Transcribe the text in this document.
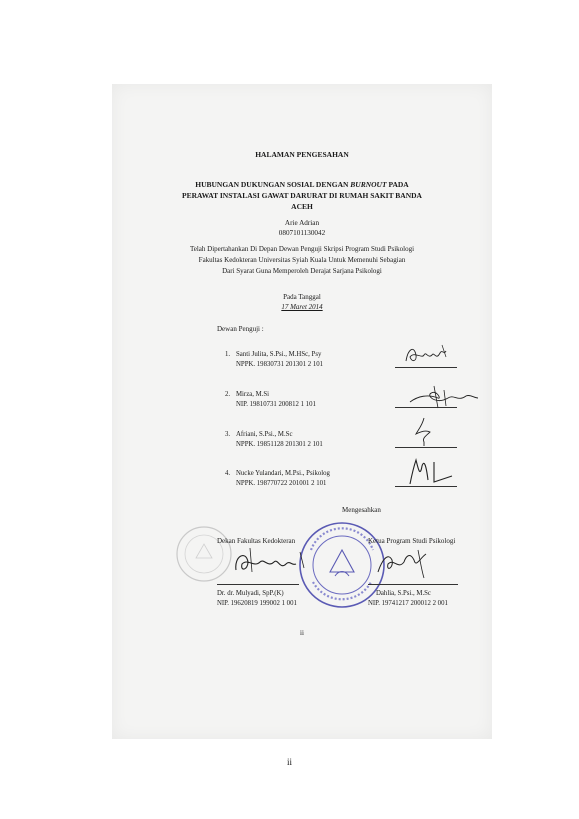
HALAMAN PENGESAHAN
HUBUNGAN DUKUNGAN SOSIAL DENGAN BURNOUT PADA
PERAWAT INSTALASI GAWAT DARURAT DI RUMAH SAKIT BANDA
ACEH
Arie Adrian
0807101130042
Telah Dipertahankan Di Depan Dewan Penguji Skripsi Program Studi Psikologi
Fakultas Kedokteran Universitas Syiah Kuala Untuk Memenuhi Sebagian
Dari Syarat Guna Memperoleh Derajat Sarjana Psikologi
Pada Tanggal
17 Maret 2014
Dewan Penguji :
1. Santi Julita, S.Psi., M.HSc, Psy
NPPK. 19830731 201301 2 101
2. Mirza, M.Si
NIP. 19810731 200812 1 101
3. Afriani, S.Psi., M.Sc
NPPK. 19851128 201301 2 101
4. Nucke Yulandari, M.Psi., Psikolog
NPPK. 198770722 201001 2 101
Mengesahkan
Dekan Fakultas Kedokteran
Dr. dr. Mulyadi, SpP.(K)
NIP. 19620819 199002 1 001
Ketua Program Studi Psikologi
Dahlia, S.Psi., M.Sc
NIP. 19741217 200012 2 001
ii
ii
